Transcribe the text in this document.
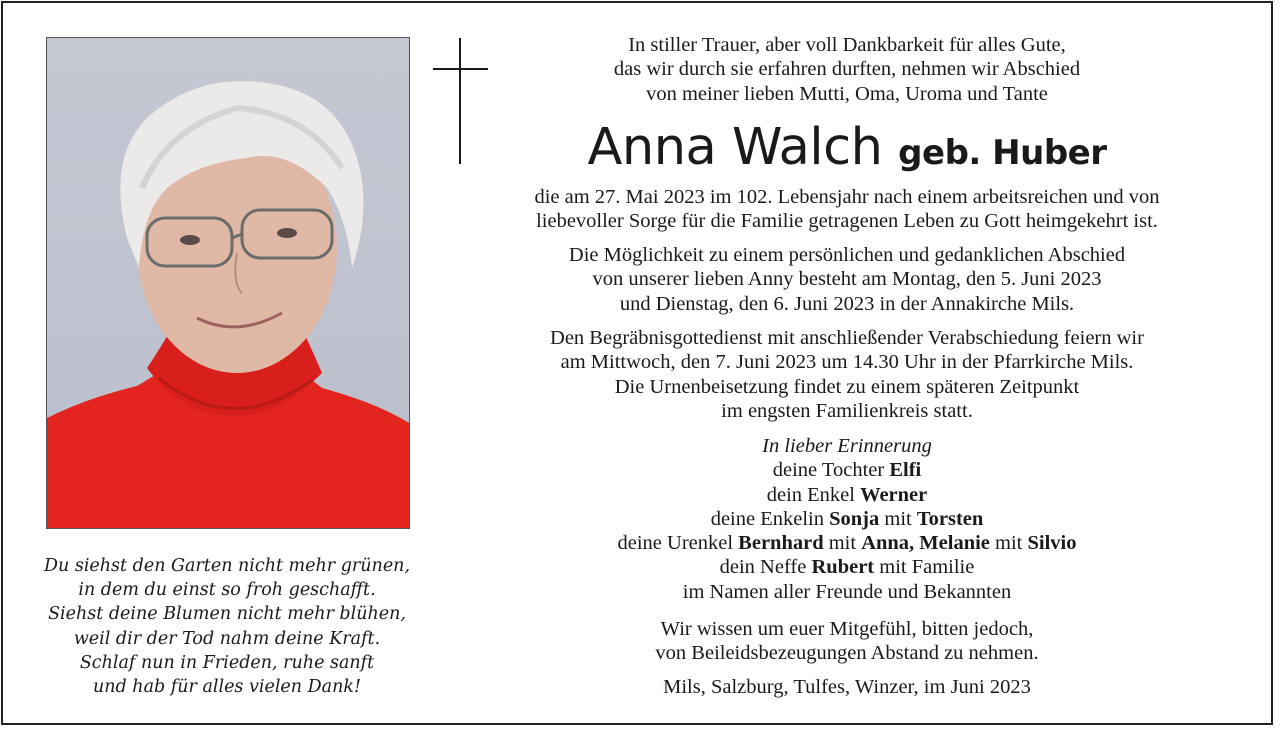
Du siehst den Garten nicht mehr grünen,
in dem du einst so froh geschafft.
Siehst deine Blumen nicht mehr blühen,
weil dir der Tod nahm deine Kraft.
Schlaf nun in Frieden, ruhe sanft
und hab für alles vielen Dank!
In stiller Trauer, aber voll Dankbarkeit für alles Gute,
das wir durch sie erfahren durften, nehmen wir Abschied
von meiner lieben Mutti, Oma, Uroma und Tante
Anna Walch geb. Huber
die am 27. Mai 2023 im 102. Lebensjahr nach einem arbeitsreichen und von
liebevoller Sorge für die Familie getragenen Leben zu Gott heimgekehrt ist.
Die Möglichkeit zu einem persönlichen und gedanklichen Abschied
von unserer lieben Anny besteht am Montag, den 5. Juni 2023
und Dienstag, den 6. Juni 2023 in der Annakirche Mils.
Den Begräbnisgottedienst mit anschließender Verabschiedung feiern wir
am Mittwoch, den 7. Juni 2023 um 14.30 Uhr in der Pfarrkirche Mils.
Die Urnenbeisetzung findet zu einem späteren Zeitpunkt
im engsten Familienkreis statt.
In lieber Erinnerung
deine Tochter Elfi
dein Enkel Werner
deine Enkelin Sonja mit Torsten
deine Urenkel Bernhard mit Anna, Melanie mit Silvio
dein Neffe Rubert mit Familie
im Namen aller Freunde und Bekannten
Wir wissen um euer Mitgefühl, bitten jedoch,
von Beileidsbezeugungen Abstand zu nehmen.
Mils, Salzburg, Tulfes, Winzer, im Juni 2023
